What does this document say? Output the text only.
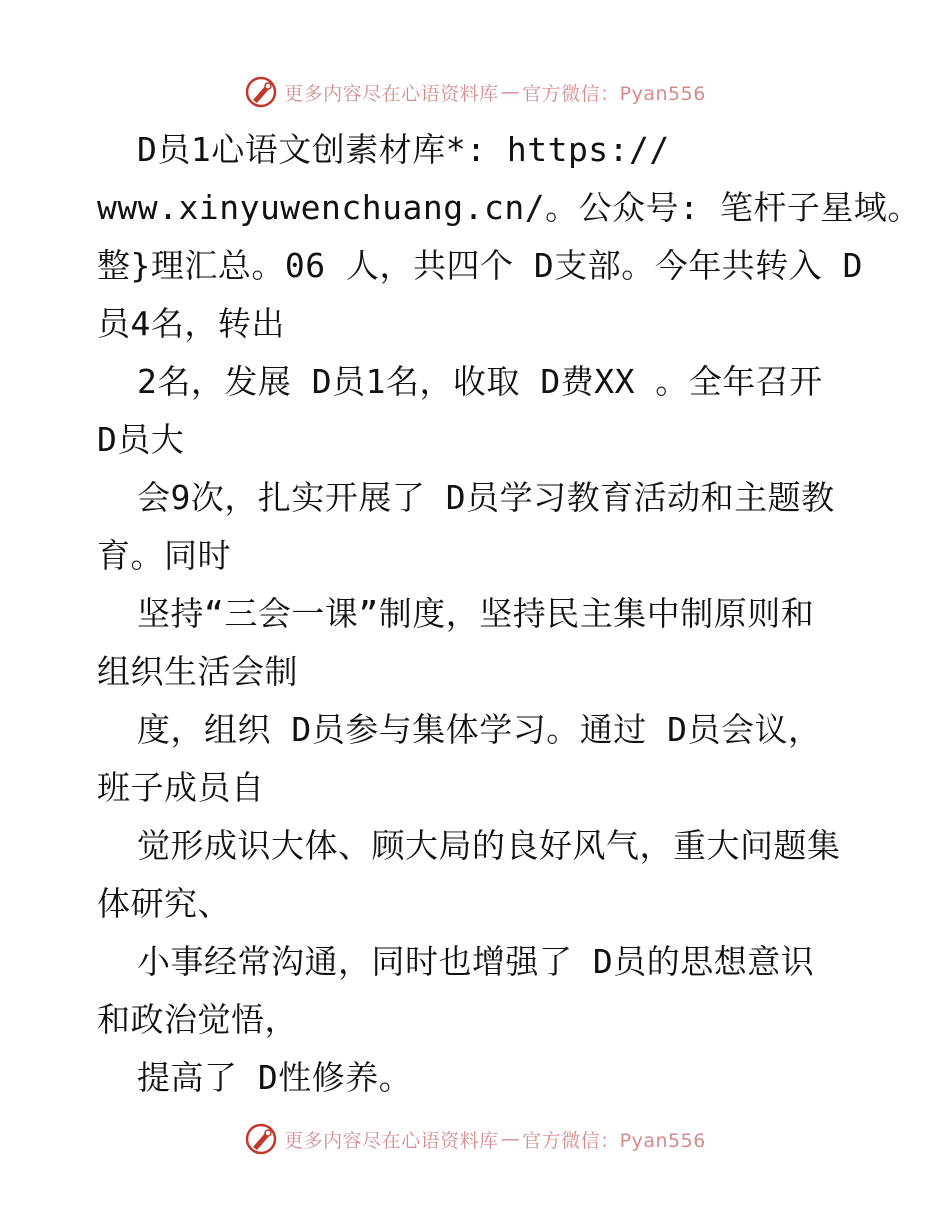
更多内容尽在心语资料库 — 官方微信：Pyan556
D员1心语文创素材库*: https://
www.xinyuwenchuang.cn/。公众号: 笔杆子星域。
整}理汇总。06 人，共四个 D支部。今年共转入 D
员4名，转出
2名，发展 D员1名，收取 D费XX 。全年召开
D员大
会9次，扎实开展了 D员学习教育活动和主题教
育。同时
坚持“三会一课”制度，坚持民主集中制原则和
组织生活会制
度，组织 D员参与集体学习。通过 D员会议，
班子成员自
觉形成识大体、顾大局的良好风气，重大问题集
体研究、
小事经常沟通，同时也增强了 D员的思想意识
和政治觉悟，
提高了 D性修养。
更多内容尽在心语资料库 — 官方微信：Pyan556
